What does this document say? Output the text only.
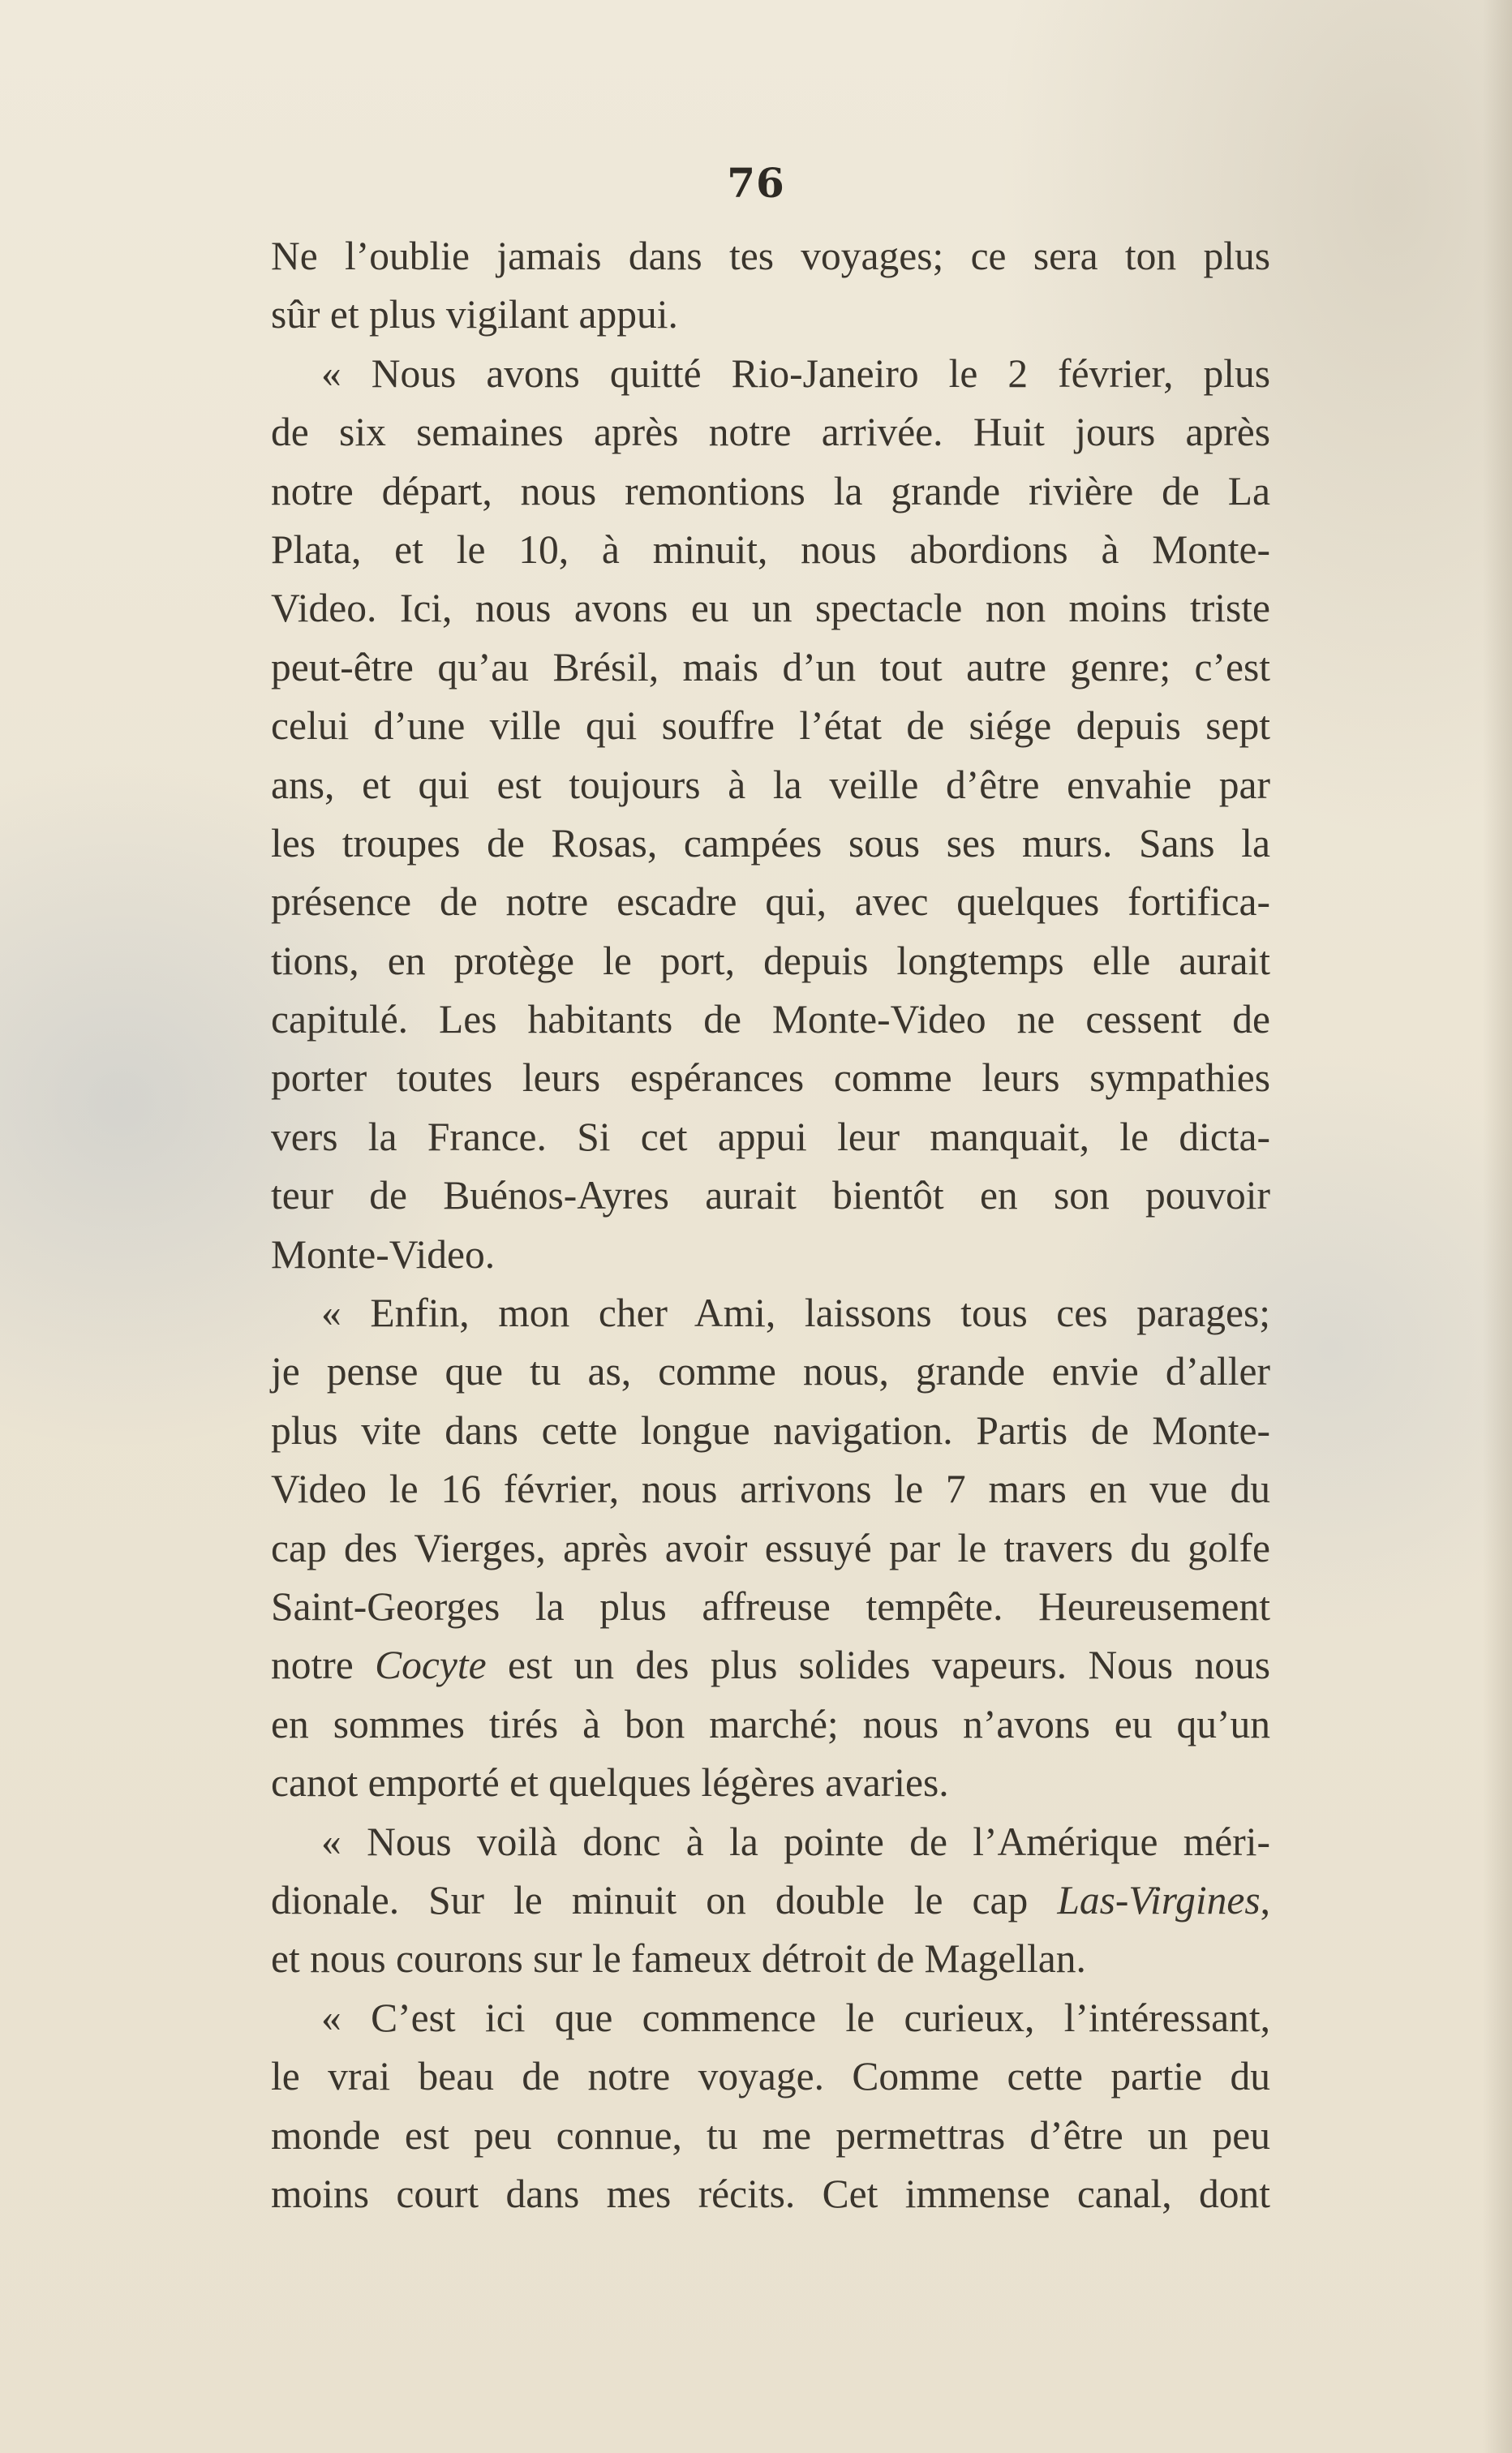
76
Ne l’oublie jamais dans tes voyages; ce sera ton plus
sûr et plus vigilant appui.
« Nous avons quitté Rio-Janeiro le 2 février, plus
de six semaines après notre arrivée. Huit jours après
notre départ, nous remontions la grande rivière de La
Plata, et le 10, à minuit, nous abordions à Monte-
Video. Ici, nous avons eu un spectacle non moins triste
peut-être qu’au Brésil, mais d’un tout autre genre; c’est
celui d’une ville qui souffre l’état de siége depuis sept
ans, et qui est toujours à la veille d’être envahie par
les troupes de Rosas, campées sous ses murs. Sans la
présence de notre escadre qui, avec quelques fortifica-
tions, en protège le port, depuis longtemps elle aurait
capitulé. Les habitants de Monte-Video ne cessent de
porter toutes leurs espérances comme leurs sympathies
vers la France. Si cet appui leur manquait, le dicta-
teur de Buénos-Ayres aurait bientôt en son pouvoir
Monte-Video.
« Enfin, mon cher Ami, laissons tous ces parages;
je pense que tu as, comme nous, grande envie d’aller
plus vite dans cette longue navigation. Partis de Monte-
Video le 16 février, nous arrivons le 7 mars en vue du
cap des Vierges, après avoir essuyé par le travers du golfe
Saint-Georges la plus affreuse tempête. Heureusement
notre Cocyte est un des plus solides vapeurs. Nous nous
en sommes tirés à bon marché; nous n’avons eu qu’un
canot emporté et quelques légères avaries.
« Nous voilà donc à la pointe de l’Amérique méri-
dionale. Sur le minuit on double le cap Las-Virgines,
et nous courons sur le fameux détroit de Magellan.
« C’est ici que commence le curieux, l’intéressant,
le vrai beau de notre voyage. Comme cette partie du
monde est peu connue, tu me permettras d’être un peu
moins court dans mes récits. Cet immense canal, dont
